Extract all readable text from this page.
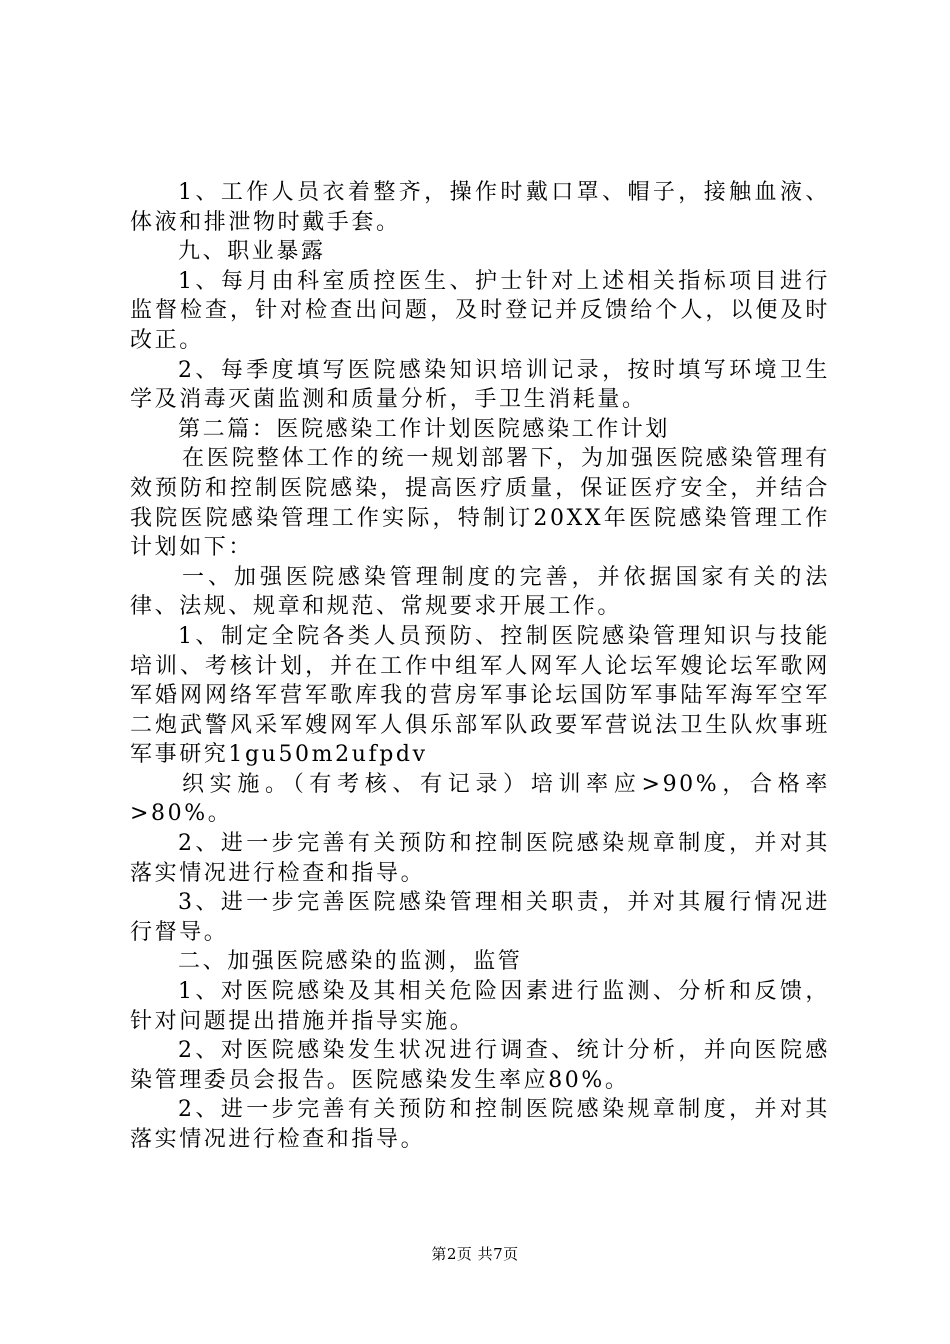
1、工作人员衣着整齐，操作时戴口罩、帽子，接触血液、体液和排泄物时戴手套。

九、职业暴露

1、每月由科室质控医生、护士针对上述相关指标项目进行监督检查，针对检查出问题，及时登记并反馈给个人，以便及时改正。

2、每季度填写医院感染知识培训记录，按时填写环境卫生学及消毒灭菌监测和质量分析，手卫生消耗量。

第二篇：医院感染工作计划医院感染工作计划

在医院整体工作的统一规划部署下，为加强医院感染管理有效预防和控制医院感染，提高医疗质量，保证医疗安全，并结合我院医院感染管理工作实际，特制订20XX年医院感染管理工作计划如下：

一、加强医院感染管理制度的完善，并依据国家有关的法律、法规、规章和规范、常规要求开展工作。

1、制定全院各类人员预防、控制医院感染管理知识与技能培训、考核计划，并在工作中组军人网军人论坛军嫂论坛军歌网军婚网网络军营军歌库我的营房军事论坛国防军事陆军海军空军二炮武警风采军嫂网军人俱乐部军队政要军营说法卫生队炊事班军事研究1gu50m2ufpdv

织实施。（有考核、有记录）培训率应>90%，合格率>80%。

2、进一步完善有关预防和控制医院感染规章制度，并对其落实情况进行检查和指导。

3、进一步完善医院感染管理相关职责，并对其履行情况进行督导。

二、加强医院感染的监测，监管

1、对医院感染及其相关危险因素进行监测、分析和反馈，针对问题提出措施并指导实施。

2、对医院感染发生状况进行调查、统计分析，并向医院感染管理委员会报告。医院感染发生率应80%。

2、进一步完善有关预防和控制医院感染规章制度，并对其落实情况进行检查和指导。

第2页 共7页
